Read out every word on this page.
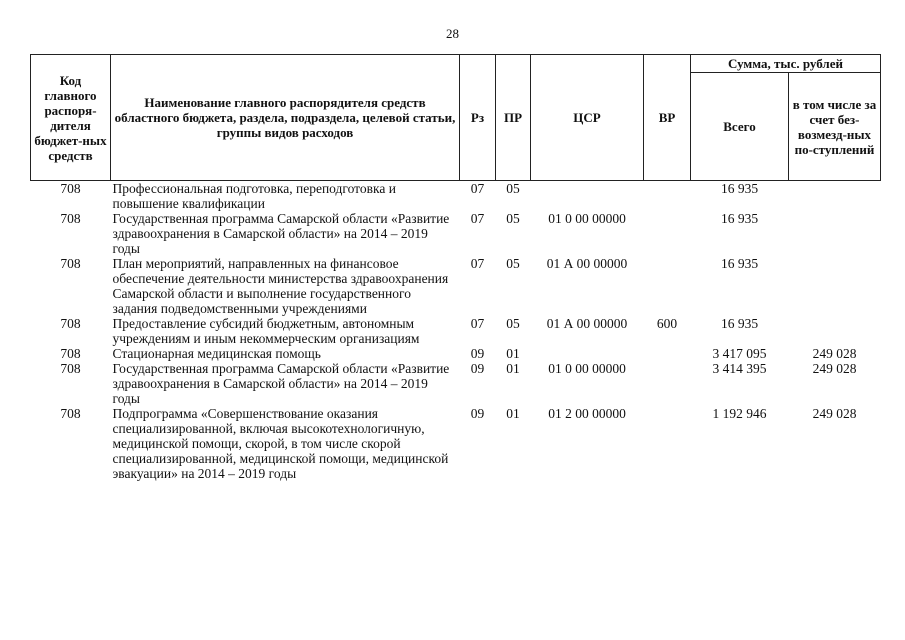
28
Код главного распоря-дителя бюджет-ных средств	Наименование главного распорядителя средств областного бюджета, раздела, подраздела, целевой статьи, группы видов расходов	Рз	ПР	ЦСР	ВР	Сумма, тыс. рублей	
						Всего	в том числе за счет без-возмезд-ных по-ступлений
708	Профессиональная подготовка, переподготовка и повышение квалификации	07	05			16 935	
708	Государственная программа Самарской области «Развитие здравоохранения в Самарской области» на 2014 – 2019 годы	07	05	01 0 00 00000		16 935	
708	План мероприятий, направленных на финансовое обеспечение деятельности министерства здравоохранения Самарской области и выполнение государственного задания подведомственными учреждениями	07	05	01 А 00 00000		16 935	
708	Предоставление субсидий бюджетным, автономным учреждениям и иным некоммерческим организациям	07	05	01 А 00 00000	600	16 935	
708	Стационарная медицинская помощь	09	01			3 417 095	249 028
708	Государственная программа Самарской области «Развитие здравоохранения в Самарской области» на 2014 – 2019 годы	09	01	01 0 00 00000		3 414 395	249 028
708	Подпрограмма «Совершенствование оказания специализированной, включая высокотехнологичную, медицинской помощи, скорой, в том числе скорой специализированной, медицинской помощи, медицинской эвакуации» на 2014 – 2019 годы	09	01	01 2 00 00000		1 192 946	249 028
